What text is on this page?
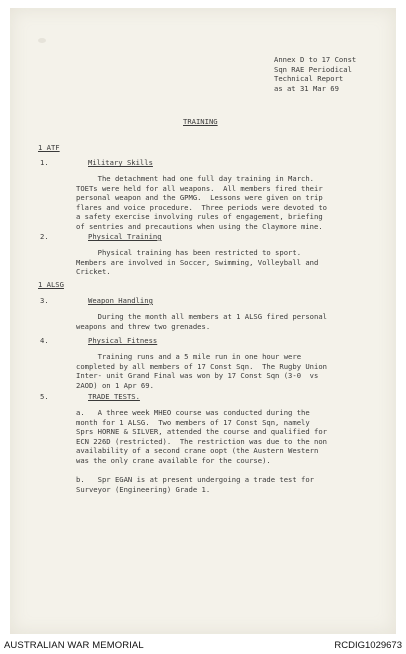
Annex D to 17 Const
Sqn RAE Periodical
Technical Report
as at 31 Mar 69

TRAINING

1 ATF

1.	Military Skills

The detachment had one full day training in March.
TOETs were held for all weapons.  All members fired their
personal weapon and the GPMG.  Lessons were given on trip
flares and voice procedure.  Three periods were devoted to
a safety exercise involving rules of engagement, briefing
of sentries and precautions when using the Claymore mine.

2.	Physical Training

Physical training has been restricted to sport.
Members are involved in Soccer, Swimming, Volleyball and
Cricket.

1 ALSG

3.	Weapon Handling

During the month all members at 1 ALSG fired personal
weapons and threw two grenades.

4.	Physical Fitness

Training runs and a 5 mile run in one hour were
completed by all members of 17 Const Sqn.  The Rugby Union
Inter- unit Grand Final was won by 17 Const Sqn (3-0  vs
2AOD) on 1 Apr 69.

5.	TRADE TESTS.

a.   A three week MHEO course was conducted during the
month for 1 ALSG.  Two members of 17 Const Sqn, namely
Sprs HORNE & SILVER, attended the course and qualified for
ECN 226D (restricted).  The restriction was due to the non
availability of a second crane oopt (the Austern Western
was the only crane available for the course).

b.   Spr EGAN is at present undergoing a trade test for
Surveyor (Engineering) Grade 1.

AUSTRALIAN WAR MEMORIAL	RCDIG1029673
